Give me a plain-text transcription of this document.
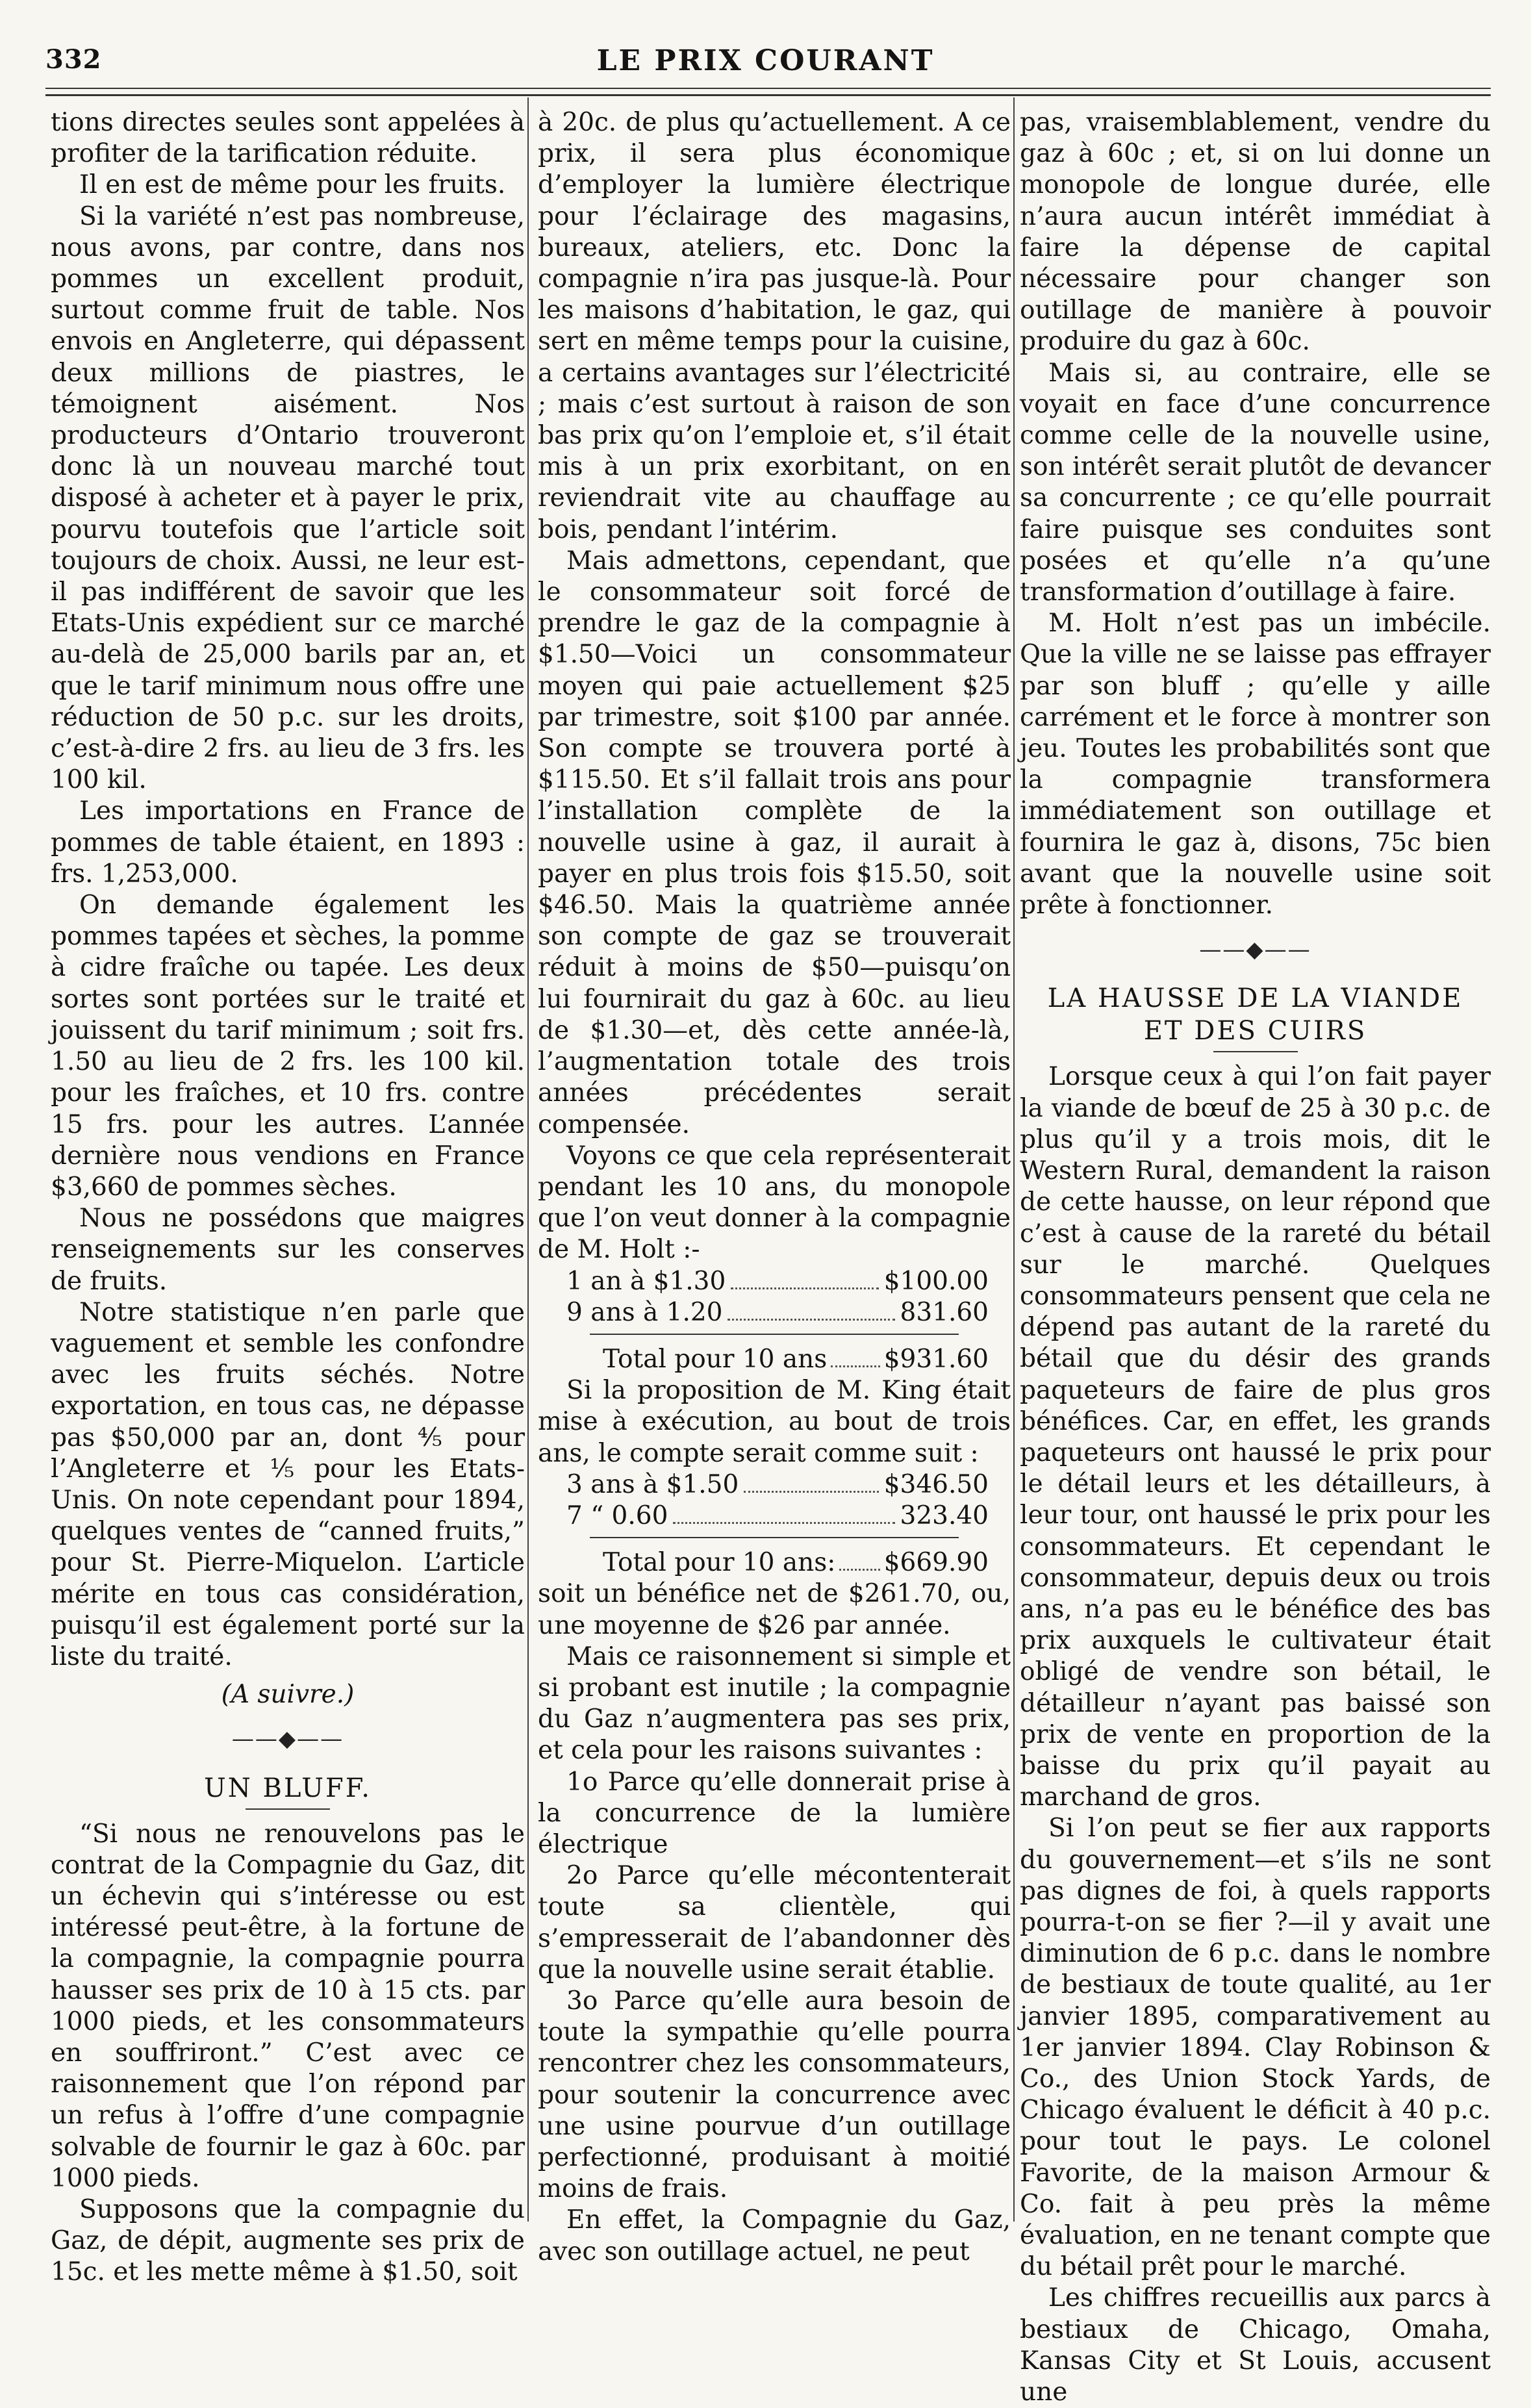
332	LE PRIX COURANT

tions directes seules sont appelées à profiter de la tarification réduite.

Il en est de même pour les fruits.

Si la variété n’est pas nombreuse, nous avons, par contre, dans nos pommes un excellent produit, surtout comme fruit de table. Nos envois en Angleterre, qui dépassent deux millions de piastres, le témoignent aisément. Nos producteurs d’Ontario trouveront donc là un nouveau marché tout disposé à acheter et à payer le prix, pourvu toutefois que l’article soit toujours de choix. Aussi, ne leur est-il pas indifférent de savoir que les Etats-Unis expédient sur ce marché au-delà de 25,000 barils par an, et que le tarif minimum nous offre une réduction de 50 p.c. sur les droits, c’est-à-dire 2 frs. au lieu de 3 frs. les 100 kil.

Les importations en France de pommes de table étaient, en 1893 : frs. 1,253,000.

On demande également les pommes tapées et sèches, la pomme à cidre fraîche ou tapée. Les deux sortes sont portées sur le traité et jouissent du tarif minimum ; soit frs. 1.50 au lieu de 2 frs. les 100 kil. pour les fraîches, et 10 frs. contre 15 frs. pour les autres. L’année dernière nous vendions en France $3,660 de pommes sèches.

Nous ne possédons que maigres renseignements sur les conserves de fruits.

Notre statistique n’en parle que vaguement et semble les confondre avec les fruits séchés. Notre exportation, en tous cas, ne dépasse pas $50,000 par an, dont ⅘ pour l’Angleterre et ⅕ pour les Etats-Unis. On note cependant pour 1894, quelques ventes de “canned fruits,” pour St. Pierre-Miquelon. L’article mérite en tous cas considération, puisqu’il est également porté sur la liste du traité.

(A suivre.)
——◆——
UN BLUFF.

“Si nous ne renouvelons pas le contrat de la Compagnie du Gaz, dit un échevin qui s’intéresse ou est intéressé peut-être, à la fortune de la compagnie, la compagnie pourra hausser ses prix de 10 à 15 cts. par 1000 pieds, et les consommateurs en souffriront.” C’est avec ce raisonnement que l’on répond par un refus à l’offre d’une compagnie solvable de fournir le gaz à 60c. par 1000 pieds.

Supposons que la compagnie du Gaz, de dépit, augmente ses prix de 15c. et les mette même à $1.50, soit

à 20c. de plus qu’actuellement. A ce prix, il sera plus économique d’employer la lumière électrique pour l’éclairage des magasins, bureaux, ateliers, etc. Donc la compagnie n’ira pas jusque-là. Pour les maisons d’habitation, le gaz, qui sert en même temps pour la cuisine, a certains avantages sur l’électricité ; mais c’est surtout à raison de son bas prix qu’on l’emploie et, s’il était mis à un prix exorbitant, on en reviendrait vite au chauffage au bois, pendant l’intérim.

Mais admettons, cependant, que le consommateur soit forcé de prendre le gaz de la compagnie à $1.50—Voici un consommateur moyen qui paie actuellement $25 par trimestre, soit $100 par année. Son compte se trouvera porté à $115.50. Et s’il fallait trois ans pour l’installation complète de la nouvelle usine à gaz, il aurait à payer en plus trois fois $15.50, soit $46.50. Mais la quatrième année son compte de gaz se trouverait réduit à moins de $50—puisqu’on lui fournirait du gaz à 60c. au lieu de $1.30—et, dès cette année-là, l’augmentation totale des trois années précédentes serait compensée.

Voyons ce que cela représenterait pendant les 10 ans, du monopole que l’on veut donner à la compagnie de M. Holt :-

1 an à $1.30	$100.00
9 ans à 1.20	831.60
Total pour 10 ans $931.60

Si la proposition de M. King était mise à exécution, au bout de trois ans, le compte serait comme suit :

3 ans à $1.50	$346.50
7 “ 0.60	323.40
Total pour 10 ans: $669.90

soit un bénéfice net de $261.70, ou, une moyenne de $26 par année.

Mais ce raisonnement si simple et si probant est inutile ; la compagnie du Gaz n’augmentera pas ses prix, et cela pour les raisons suivantes :

1o Parce qu’elle donnerait prise à la concurrence de la lumière électrique

2o Parce qu’elle mécontenterait toute sa clientèle, qui s’empresserait de l’abandonner dès que la nouvelle usine serait établie.

3o Parce qu’elle aura besoin de toute la sympathie qu’elle pourra rencontrer chez les consommateurs, pour soutenir la concurrence avec une usine pourvue d’un outillage perfectionné, produisant à moitié moins de frais.

En effet, la Compagnie du Gaz, avec son outillage actuel, ne peut

pas, vraisemblablement, vendre du gaz à 60c ; et, si on lui donne un monopole de longue durée, elle n’aura aucun intérêt immédiat à faire la dépense de capital nécessaire pour changer son outillage de manière à pouvoir produire du gaz à 60c.

Mais si, au contraire, elle se voyait en face d’une concurrence comme celle de la nouvelle usine, son intérêt serait plutôt de devancer sa concurrente ; ce qu’elle pourrait faire puisque ses conduites sont posées et qu’elle n’a qu’une transformation d’outillage à faire.

M. Holt n’est pas un imbécile. Que la ville ne se laisse pas effrayer par son bluff ; qu’elle y aille carrément et le force à montrer son jeu. Toutes les probabilités sont que la compagnie transformera immédiatement son outillage et fournira le gaz à, disons, 75c bien avant que la nouvelle usine soit prête à fonctionner.

——◆——
LA HAUSSE DE LA VIANDE
ET DES CUIRS

Lorsque ceux à qui l’on fait payer la viande de bœuf de 25 à 30 p.c. de plus qu’il y a trois mois, dit le Western Rural, demandent la raison de cette hausse, on leur répond que c’est à cause de la rareté du bétail sur le marché. Quelques consommateurs pensent que cela ne dépend pas autant de la rareté du bétail que du désir des grands paqueteurs de faire de plus gros bénéfices. Car, en effet, les grands paqueteurs ont haussé le prix pour le détail leurs et les détailleurs, à leur tour, ont haussé le prix pour les consommateurs. Et cependant le consommateur, depuis deux ou trois ans, n’a pas eu le bénéfice des bas prix auxquels le cultivateur était obligé de vendre son bétail, le détailleur n’ayant pas baissé son prix de vente en proportion de la baisse du prix qu’il payait au marchand de gros.

Si l’on peut se fier aux rapports du gouvernement—et s’ils ne sont pas dignes de foi, à quels rapports pourra-t-on se fier ?—il y avait une diminution de 6 p.c. dans le nombre de bestiaux de toute qualité, au 1er janvier 1895, comparativement au 1er janvier 1894. Clay Robinson & Co., des Union Stock Yards, de Chicago évaluent le déficit à 40 p.c. pour tout le pays. Le colonel Favorite, de la maison Armour & Co. fait à peu près la même évaluation, en ne tenant compte que du bétail prêt pour le marché.

Les chiffres recueillis aux parcs à bestiaux de Chicago, Omaha, Kansas City et St Louis, accusent une
